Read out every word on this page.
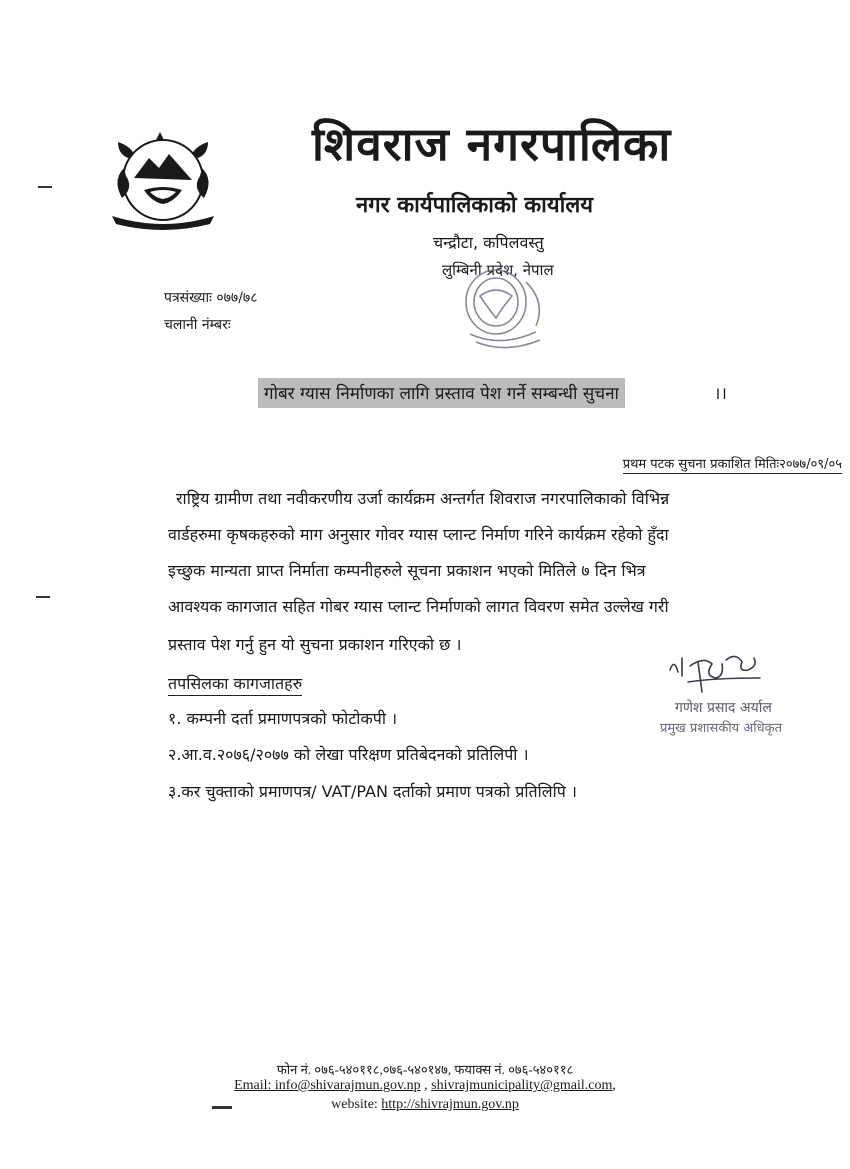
शिवराज नगरपालिका
नगर कार्यपालिकाको कार्यालय
चन्द्रौटा, कपिलवस्तु
लुम्बिनी प्रदेश, नेपाल
पत्रसंख्याः ०७७/७८
चलानी नंम्बरः
गोबर ग्यास निर्माणका लागि प्रस्ताव पेश गर्ने सम्बन्धी सुचना	।।
प्रथम पटक सुचना प्रकाशित मितिः२०७७/०९/०५
राष्ट्रिय ग्रामीण तथा नवीकरणीय उर्जा कार्यक्रम अन्तर्गत शिवराज नगरपालिकाको विभिन्न
वार्डहरुमा कृषकहरुको माग अनुसार गोवर ग्यास प्लान्ट निर्माण गरिने कार्यक्रम रहेको हुँदा
इच्छुक मान्यता प्राप्त निर्माता कम्पनीहरुले सूचना प्रकाशन भएको मितिले ७ दिन भित्र
आवश्यक कागजात सहित गोबर ग्यास प्लान्ट निर्माणको लागत विवरण समेत उल्लेख गरी
प्रस्ताव पेश गर्नु हुन यो सुचना प्रकाशन गरिएको छ ।
तपसिलका कागजातहरु
१. कम्पनी दर्ता प्रमाणपत्रको फोटोकपी ।
२.आ.व.२०७६/२०७७ को लेखा परिक्षण प्रतिबेदनको प्रतिलिपी ।
३.कर चुक्ताको प्रमाणपत्र/ VAT/PAN दर्ताको प्रमाण पत्रको प्रतिलिपि ।
गणेश प्रसाद अर्याल
प्रमुख प्रशासकीय अधिकृत
फोन नं. ०७६-५४०११८,०७६-५४०१४७, फयाक्स नं. ०७६-५४०११८
Email: info@shivarajmun.gov.np , shivrajmunicipality@gmail.com,
website: http://shivrajmun.gov.np
